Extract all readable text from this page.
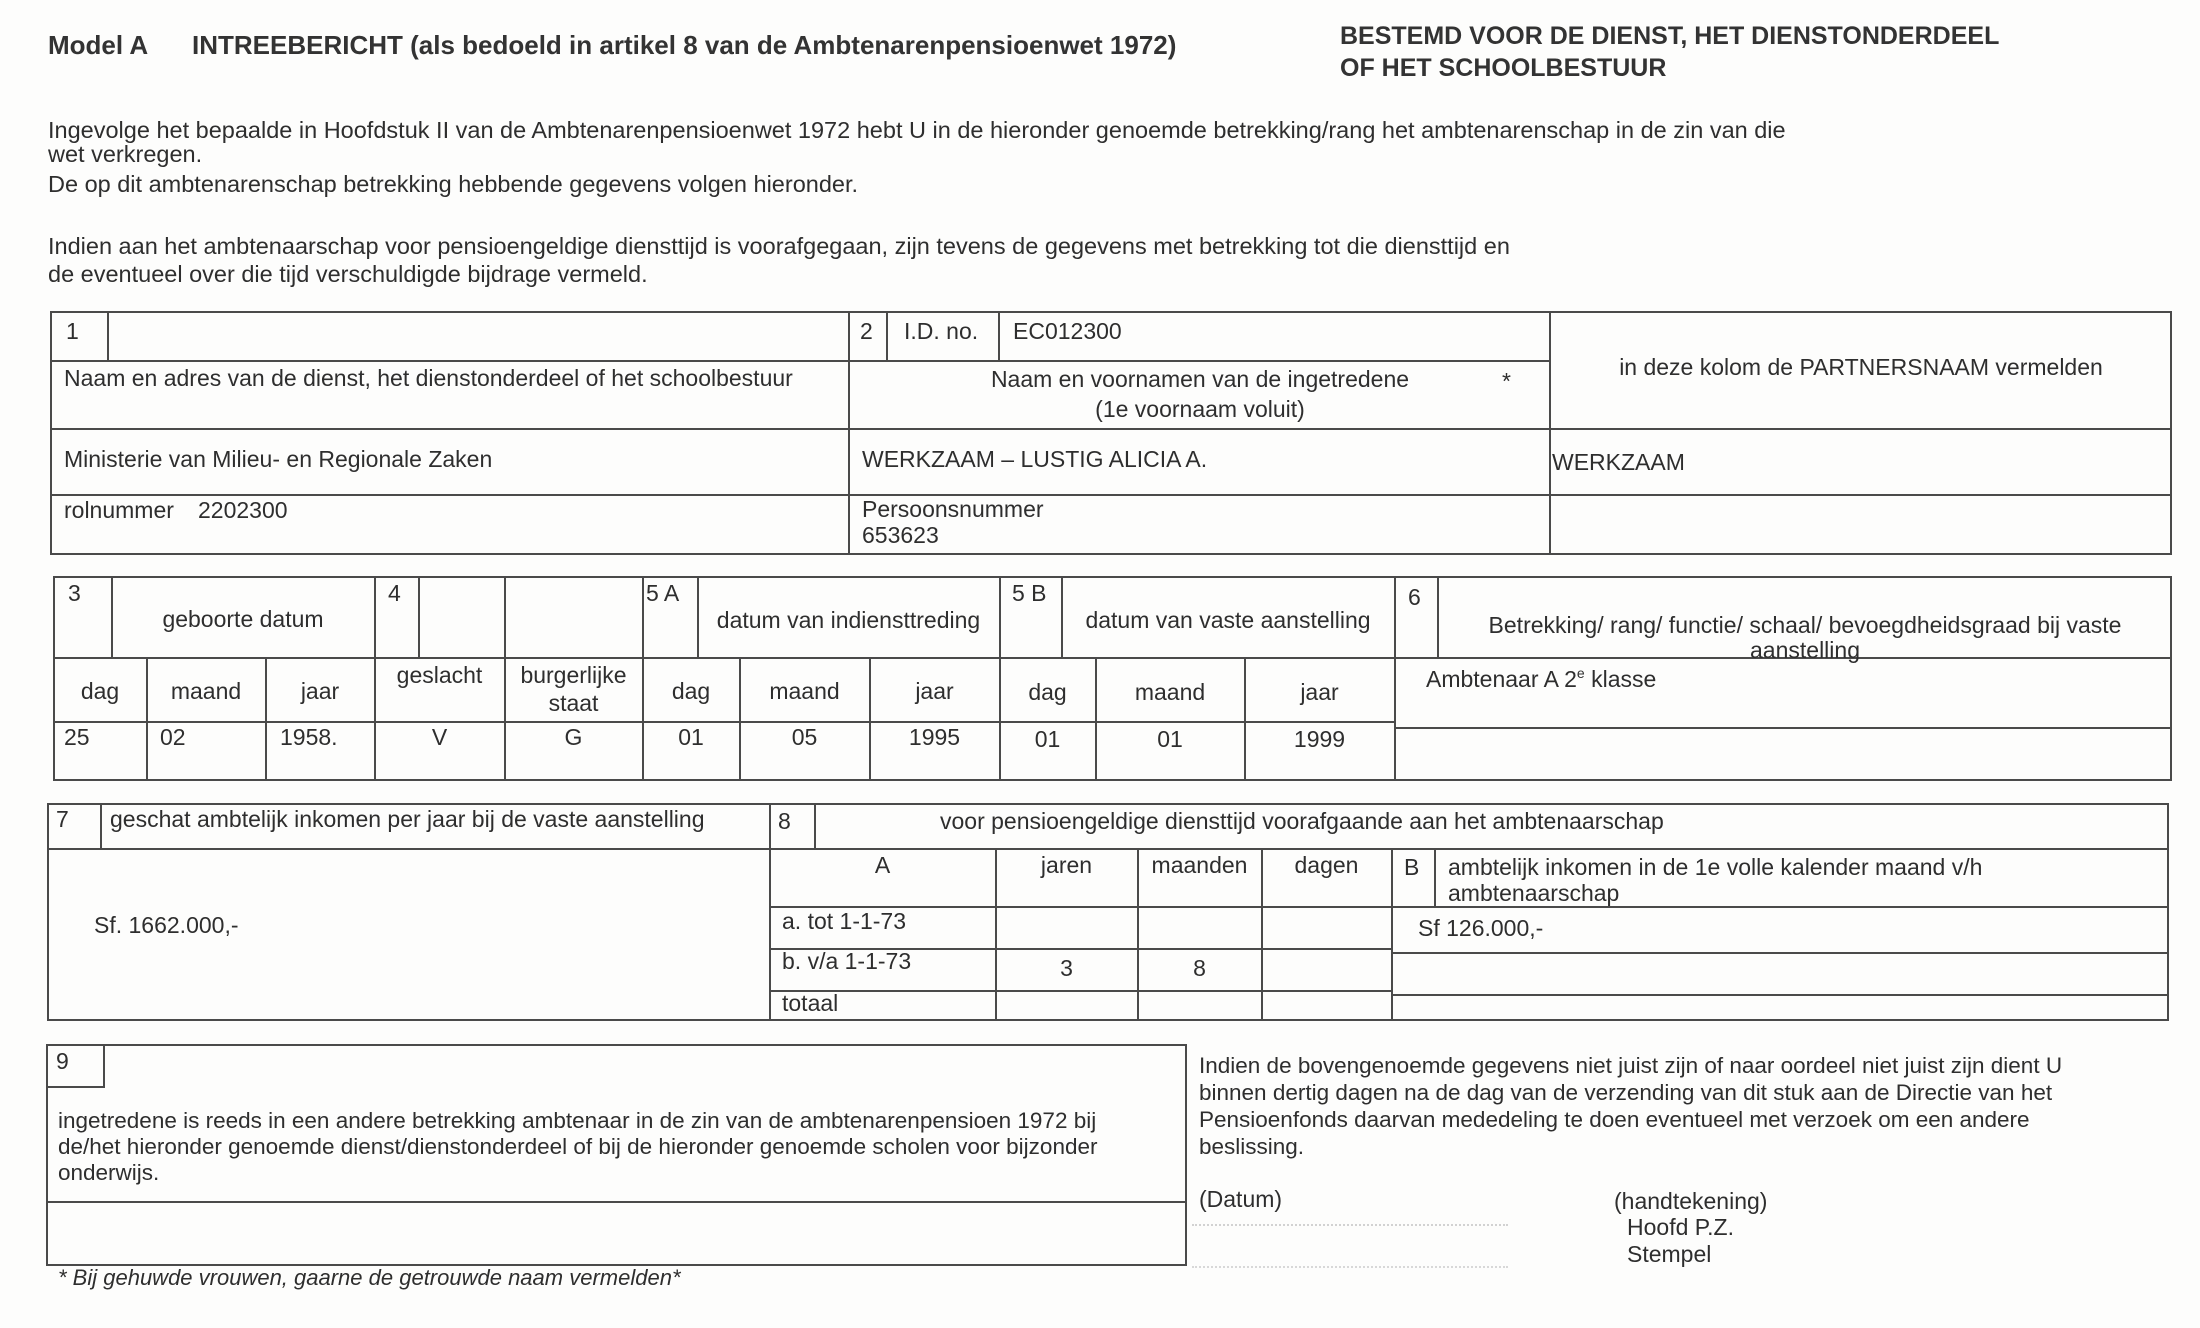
Model A INTREEBERICHT (als bedoeld in artikel 8 van de Ambtenarenpensioenwet 1972)	BESTEMD VOOR DE DIENST, HET DIENSTONDERDEEL
OF HET SCHOOLBESTUUR
Ingevolge het bepaalde in Hoofdstuk II van de Ambtenarenpensioenwet 1972 hebt U in de hieronder genoemde betrekking/rang het ambtenarenschap in de zin van die
wet verkregen.
De op dit ambtenarenschap betrekking hebbende gegevens volgen hieronder.
Indien aan het ambtenaarschap voor pensioengeldige diensttijd is voorafgegaan, zijn tevens de gegevens met betrekking tot die diensttijd en
de eventueel over die tijd verschuldigde bijdrage vermeld.
1
Naam en adres van de dienst, het dienstonderdeel of het schoolbestuur
Ministerie van Milieu- en Regionale Zaken
rolnummer 2202300
2 I.D. no. EC012300
Naam en voornamen van de ingetredene	*
(1e voornaam voluit)
WERKZAAM – LUSTIG ALICIA A.
Persoonsnummer
653623
in deze kolom de PARTNERSNAAM vermelden
WERKZAAM
3
geboorte datum
dag	maand	jaar
25	02	1958.
4
geslacht	burgerlijke
staat
V	G
5 A
datum van indiensttreding
dag	maand	jaar
01	05	1995
5 B
datum van vaste aanstelling
dag	maand	jaar
01	01	1999
6
Betrekking/ rang/ functie/ schaal/ bevoegdheidsgraad bij vaste
aanstelling
Ambtenaar A 2e klasse
7 geschat ambtelijk inkomen per jaar bij de vaste aanstelling
Sf. 1662.000,-
8	voor pensioengeldige diensttijd voorafgaande aan het ambtenaarschap
A	jaren	maanden	dagen
a. tot 1-1-73
b. v/a 1-1-73	3	8
totaal
B ambtelijk inkomen in de 1e volle kalender maand v/h
ambtenaarschap
Sf 126.000,-
9
ingetredene is reeds in een andere betrekking ambtenaar in de zin van de ambtenarenpensioen 1972 bij
de/het hieronder genoemde dienst/dienstonderdeel of bij de hieronder genoemde scholen voor bijzonder
onderwijs.
* Bij gehuwde vrouwen, gaarne de getrouwde naam vermelden*
Indien de bovengenoemde gegevens niet juist zijn of naar oordeel niet juist zijn dient U
binnen dertig dagen na de dag van de verzending van dit stuk aan de Directie van het
Pensioenfonds daarvan mededeling te doen eventueel met verzoek om een andere
beslissing.
(Datum)	(handtekening)
Hoofd P.Z.
Stempel
